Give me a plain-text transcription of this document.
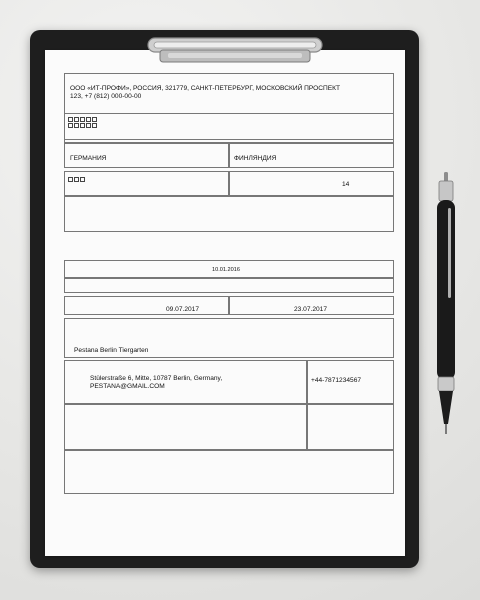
ООО «ИТ-ПРОФИ», РОССИЯ, 321779, САНКТ-ПЕТЕРБУРГ, МОСКОВСКИЙ ПРОСПЕКТ
123, +7 (812) 000-00-00
ГЕРМАНИЯ	ФИНЛЯНДИЯ
14
10.01.2016
09.07.2017	23.07.2017
Pestana Berlin Tiergarten
Stülerstraße 6, Mitte, 10787 Berlin, Germany,
PESTANA@GMAIL.COM
+44-7871234567
